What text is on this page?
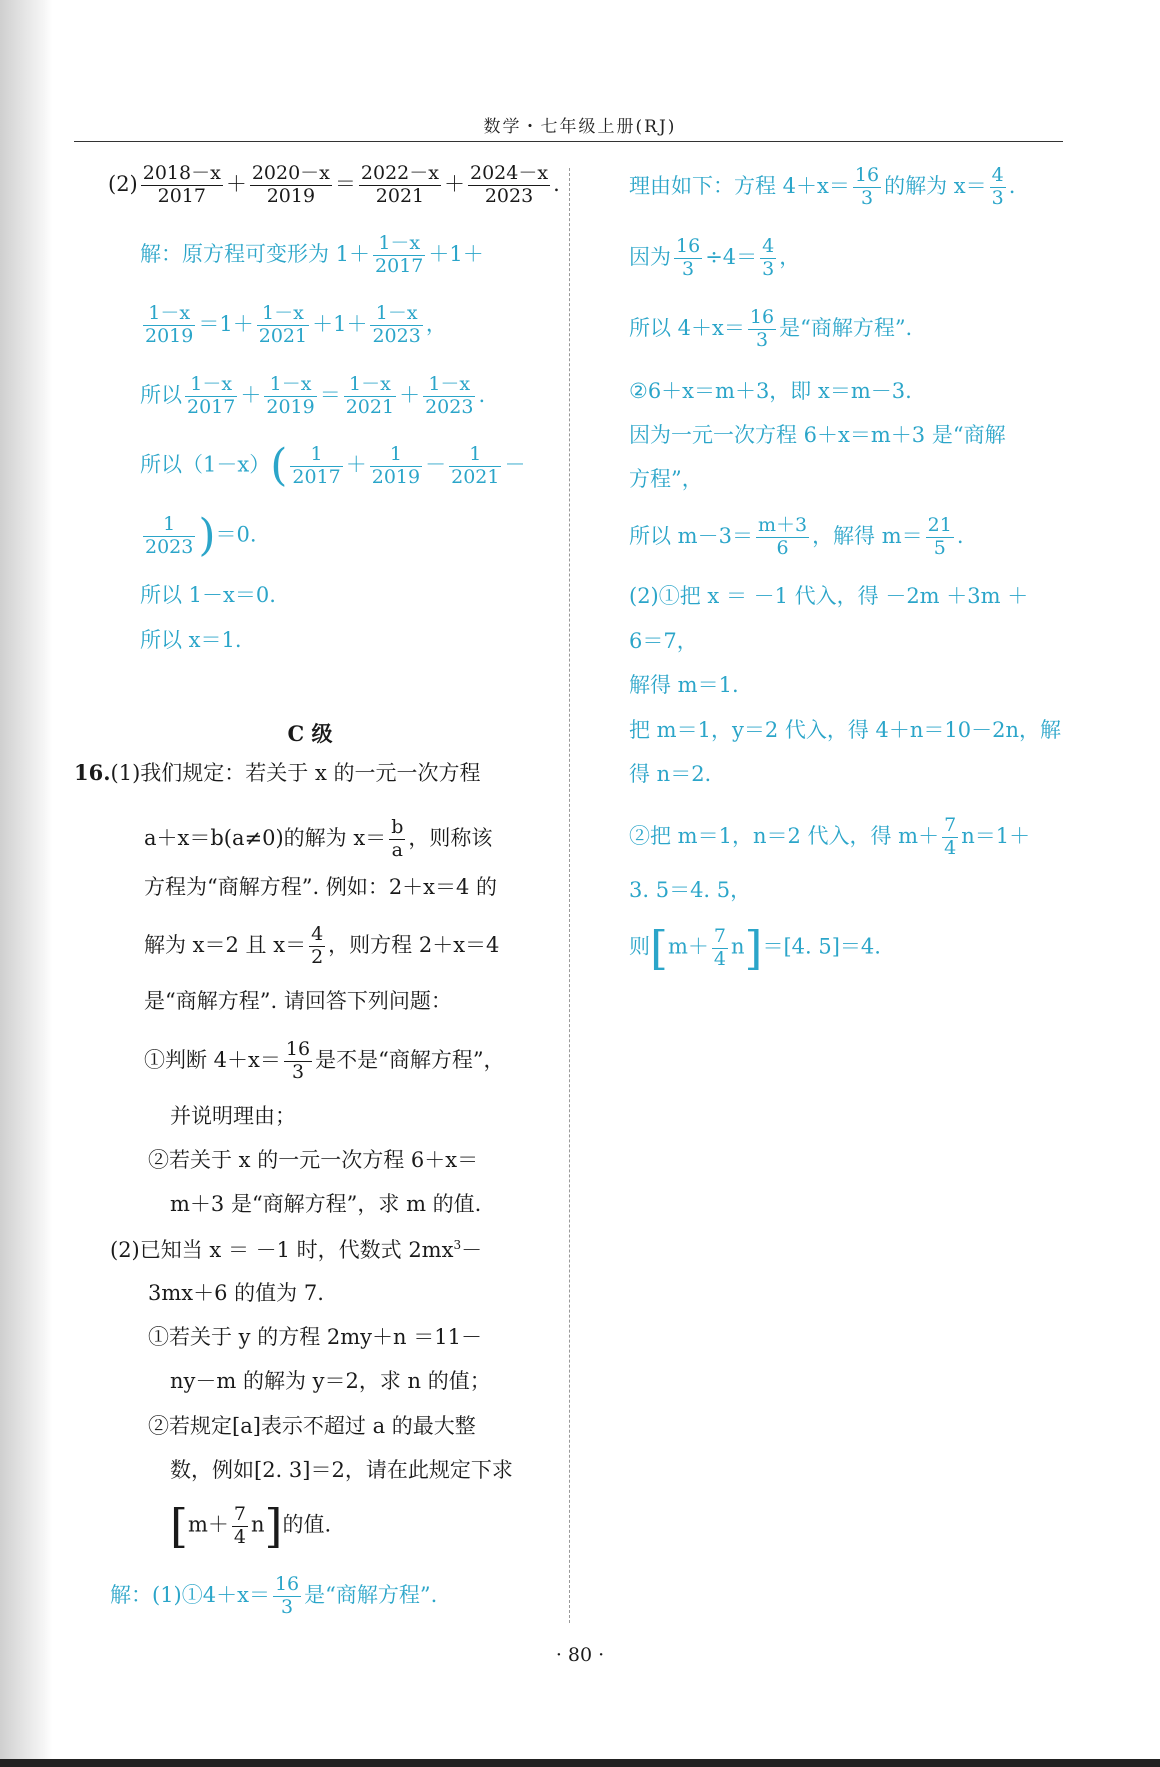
数学・七年级上册(RJ)
$(2) \frac{2018-x}{2017} + \frac{2020-x}{2019} = \frac{2022-x}{2021} + \frac{2024-x}{2023}$ .
解：原方程可变形为 $1+ \frac{1-x}{2017} +1+$
$\frac{1-x}{2019} =1+ \frac{1-x}{2021} +1+ \frac{1-x}{2023}$ ，
所以 $\frac{1-x}{2017} + \frac{1-x}{2019} = \frac{1-x}{2021} + \frac{1-x}{2023}$ .
所以$(1-x)( \frac{1}{2017} + \frac{1}{2019} - \frac{1}{2021}$ －
$\frac{1}{2023} )=0$.
所以 1－x＝0.
所以 x＝1.
C 级
16.(1)我们规定：若关于 x 的一元一次方程
a＋x＝b(a≠0)的解为 $x= \frac{b}{a}$ ，则称该
方程为“商解方程”. 例如：2＋x＝4 的
解为 x＝2 且 $x= \frac{4}{2}$ ，则方程 2＋x＝4
是“商解方程”. 请回答下列问题：
①判断 $4+x= \frac{16}{3}$ 是不是“商解方程”，
并说明理由；
②若关于 x 的一元一次方程 6＋x＝
m＋3 是“商解方程”，求 m 的值.
(2)已知当 x ＝ －1 时，代数式 $2mx^3-$
3mx＋6 的值为 7.
①若关于 y 的方程 2my＋n ＝11－
ny－m 的解为 y＝2，求 n 的值；
②若规定[a]表示不超过 a 的最大整
数，例如[2. 3]＝2，请在此规定下求
$[m+ \frac{7}{4} n]$的值.
解：(1)①4＋x＝ $\frac{16}{3}$ 是“商解方程”.
理由如下：方程 $4+x= \frac{16}{3}$ 的解为 $x= \frac{4}{3}$ .
因为 $\frac{16}{3} \div 4= \frac{4}{3}$ ，
所以 $4+x= \frac{16}{3}$ 是“商解方程”.
②6＋x＝m＋3，即 x＝m－3.
因为一元一次方程 6＋x＝m＋3 是“商解
方程”，
所以 $m-3= \frac{m+3}{6}$ ，解得 $m= \frac{21}{5}$ .
(2)①把 x ＝ －1 代入，得 －2m ＋3m ＋
6＝7，
解得 m＝1.
把 m＝1，y＝2 代入，得 4＋n＝10－2n，解
得 n＝2.
②把 m＝1，n＝2 代入，得 $m+ \frac{7}{4} n=1+$
3. 5＝4. 5，
则$[m+ \frac{7}{4} n]=[4$. 5]＝4.
· 80 ·
